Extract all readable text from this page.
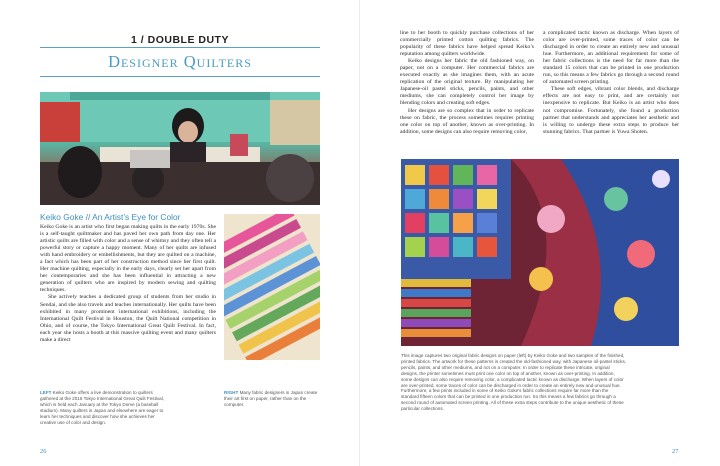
1 / DOUBLE DUTY
Designer Quilters
Keiko Goke // An Artist’s Eye for Color

Keiko Goke is an artist who first began making quilts in the early 1970s. She is a self-taught quiltmaker and has paved her own path from day one. Her artistic quilts are filled with color and a sense of whimsy and they often tell a powerful story or capture a happy moment. Many of her quilts are infused with hand embroidery or embellishments, but they are quilted on a machine, a fact which has been part of her construction method since her first quilt. Her machine quilting, especially in the early days, clearly set her apart from her contemporaries and she has been influential in attracting a new generation of quilters who are inspired by modern sewing and quilting techniques.

She actively teaches a dedicated group of students from her studio in Sendai, and she also travels and teaches internationally. Her quilts have been exhibited in many prominent international exhibitions, including the International Quilt Festival in Houston, the Quilt National competition in Ohio, and of course, the Tokyo International Great Quilt Festival. In fact, each year she hosts a booth at this massive quilting event and many quilters make a direct

LEFT Keiko Goke offers a live demonstration to quilters gathered at the 2016 Tokyo International Great Quilt Festival, which is held each January at the Tokyo Dome (a baseball stadium). Many quilters in Japan and elsewhere are eager to learn her techniques and discover how she achieves her creative use of color and design.
RIGHT Many fabric designers in Japan create their art first on paper, rather than on the computer.
26

line to her booth to quickly purchase collections of her commercially printed cotton quilting fabrics. The popularity of these fabrics have helped spread Keiko’s reputation among quilters worldwide.

Keiko designs her fabric the old fashioned way, on paper, not on a computer. Her commercial fabrics are executed exactly as she imagines them, with an acute replication of the original texture. By manipulating her Japanese-oil pastel sticks, pencils, paints, and other mediums, she can completely control her image by blending colors and creating soft edges.

Her designs are so complex that in order to replicate these on fabric, the process sometimes requires printing one color on top of another, known as over-printing. In addition, some designs can also require removing color,

a complicated tactic known as discharge. When layers of color are over-printed, some traces of color can be discharged in order to create an entirely new and unusual hue. Furthermore, an additional requirement for some of her fabric collections is the need for far more than the standard 15 colors that can be printed in one production run, so this means a few fabrics go through a second round of automated screen printing.

These soft edges, vibrant color blends, and discharge effects are not easy to print, and are certainly not inexpensive to replicate. But Keiko is an artist who does not compromise. Fortunately, she found a production partner that understands and appreciates her aesthetic and is willing to undergo these extra steps to produce her stunning fabrics. That partner is Yuwa Shoten.

This image captures two original fabric designs on paper (left) by Keiko Goke and two samples of the finished, printed fabrics. The artwork for these patterns is created the old-fashioned way, with Japanese oil-pastel sticks, pencils, paints, and other mediums, and not on a computer. In order to replicate these intricate, original designs, the printer sometimes must print one color on top of another, known as over-printing. In addition, some designs can also require removing color, a complicated tactic known as discharge. When layers of color are over-printed, some traces of color can be discharged in order to create an entirely new and unusual hue. Furthermore, a few prints included in some of Keiko Goke's fabric collections require far more than the standard fifteen colors that can be printed in one production run. So this means a few fabrics go through a second round of automated screen printing. All of these extra steps contribute to the unique aesthetic of these particular collections.
27
